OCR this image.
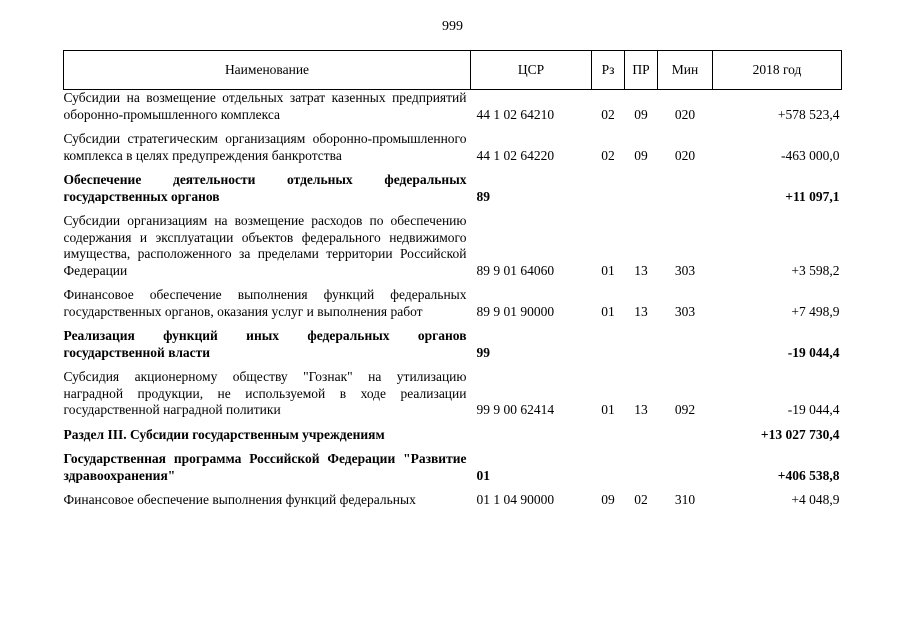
999
Наименование	ЦСР	Рз	ПР	Мин	2018 год
Субсидии на возмещение отдельных затрат казенных предприятий оборонно-промышленного комплекса	44 1 02 64210	02	09	020	+578 523,4

Субсидии стратегическим организациям оборонно-промышленного комплекса в целях предупреждения банкротства	44 1 02 64220	02	09	020	-463 000,0

Обеспечение деятельности отдельных федеральных государственных органов	89				+11 097,1

Субсидии организациям на возмещение расходов по обеспечению содержания и эксплуатации объектов федерального недвижимого имущества, расположенного за пределами территории Российской Федерации	89 9 01 64060	01	13	303	+3 598,2

Финансовое обеспечение выполнения функций федеральных государственных органов, оказания услуг и выполнения работ	89 9 01 90000	01	13	303	+7 498,9

Реализация функций иных федеральных органов государственной власти	99				-19 044,4

Субсидия акционерному обществу "Гознак" на утилизацию наградной продукции, не используемой в ходе реализации государственной наградной политики	99 9 00 62414	01	13	092	-19 044,4

Раздел III. Субсидии государственным учреждениям					+13 027 730,4

Государственная программа Российской Федерации "Развитие здравоохранения"	01				+406 538,8

Финансовое обеспечение выполнения функций федеральных	01 1 04 90000	09	02	310	+4 048,9
